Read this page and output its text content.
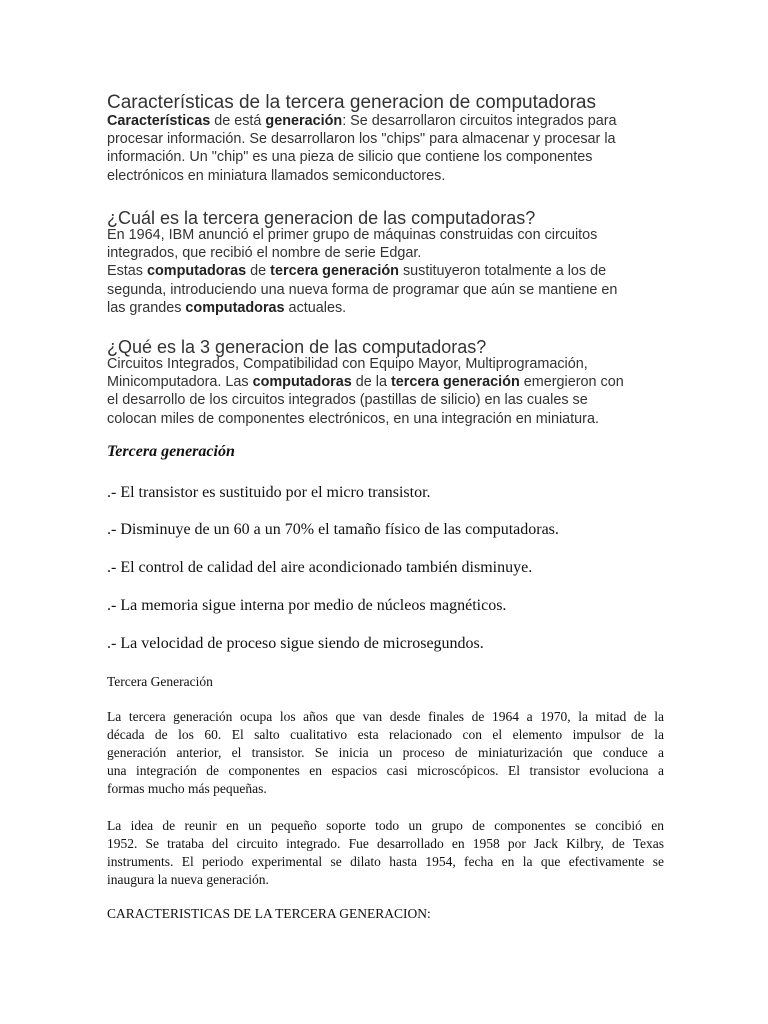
Características de la tercera generacion de computadoras
Características de está generación: Se desarrollaron circuitos integrados para
procesar información. Se desarrollaron los "chips" para almacenar y procesar la
información. Un "chip" es una pieza de silicio que contiene los componentes
electrónicos en miniatura llamados semiconductores.
¿Cuál es la tercera generacion de las computadoras?
En 1964, IBM anunció el primer grupo de máquinas construidas con circuitos
integrados, que recibió el nombre de serie Edgar.
Estas computadoras de tercera generación sustituyeron totalmente a los de
segunda, introduciendo una nueva forma de programar que aún se mantiene en
las grandes computadoras actuales.
¿Qué es la 3 generacion de las computadoras?
Circuitos Integrados, Compatibilidad con Equipo Mayor, Multiprogramación,
Minicomputadora. Las computadoras de la tercera generación emergieron con
el desarrollo de los circuitos integrados (pastillas de silicio) en las cuales se
colocan miles de componentes electrónicos, en una integración en miniatura.
Tercera generación
.- El transistor es sustituido por el micro transistor.
.- Disminuye de un 60 a un 70% el tamaño físico de las computadoras.
.- El control de calidad del aire acondicionado también disminuye.
.- La memoria sigue interna por medio de núcleos magnéticos.
.- La velocidad de proceso sigue siendo de microsegundos.
Tercera Generación
La tercera generación ocupa los años que van desde finales de 1964 a 1970, la mitad de la
década de los 60. El salto cualitativo esta relacionado con el elemento impulsor de la
generación anterior, el transistor. Se inicia un proceso de miniaturización que conduce a
una integración de componentes en espacios casi microscópicos. El transistor evoluciona a
formas mucho más pequeñas.
La idea de reunir en un pequeño soporte todo un grupo de componentes se concibió en
1952. Se trataba del circuito integrado. Fue desarrollado en 1958 por Jack Kilbry, de Texas
instruments. El periodo experimental se dilato hasta 1954, fecha en la que efectivamente se
inaugura la nueva generación.
CARACTERISTICAS DE LA TERCERA GENERACION:
